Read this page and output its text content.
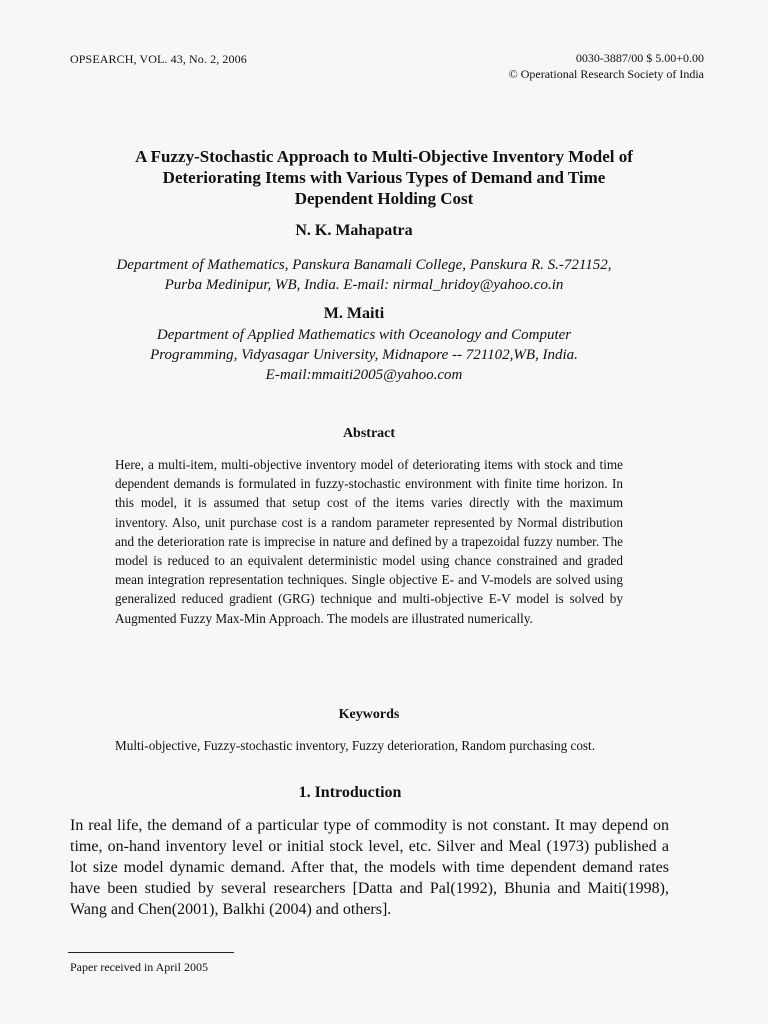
OPSEARCH, VOL. 43, No. 2, 2006	0030-3887/00 $ 5.00+0.00
© Operational Research Society of India
A Fuzzy-Stochastic Approach to Multi-Objective Inventory Model of
Deteriorating Items with Various Types of Demand and Time
Dependent Holding Cost
N. K. Mahapatra
Department of Mathematics, Panskura Banamali College, Panskura R. S.-721152,
Purba Medinipur, WB, India. E-mail: nirmal_hridoy@yahoo.co.in
M. Maiti
Department of Applied Mathematics with Oceanology and Computer
Programming, Vidyasagar University, Midnapore -- 721102,WB, India.
E-mail:mmaiti2005@yahoo.com
Abstract
Here, a multi-item, multi-objective inventory model of deteriorating items with stock and time dependent demands is formulated in fuzzy-stochastic environment with finite time horizon. In this model, it is assumed that setup cost of the items varies directly with the maximum inventory. Also, unit purchase cost is a random parameter represented by Normal distribution and the deterioration rate is imprecise in nature and defined by a trapezoidal fuzzy number. The model is reduced to an equivalent deterministic model using chance constrained and graded mean integration representation techniques. Single objective E- and V-models are solved using generalized reduced gradient (GRG) technique and multi-objective E-V model is solved by Augmented Fuzzy Max-Min Approach. The models are illustrated numerically.
Keywords
Multi-objective, Fuzzy-stochastic inventory, Fuzzy deterioration, Random purchasing cost.
1. Introduction
In real life, the demand of a particular type of commodity is not constant. It may depend on time, on-hand inventory level or initial stock level, etc. Silver and Meal (1973) published a lot size model dynamic demand. After that, the models with time dependent demand rates have been studied by several researchers [Datta and Pal(1992), Bhunia and Maiti(1998), Wang and Chen(2001), Balkhi (2004) and others].
Paper received in April 2005
